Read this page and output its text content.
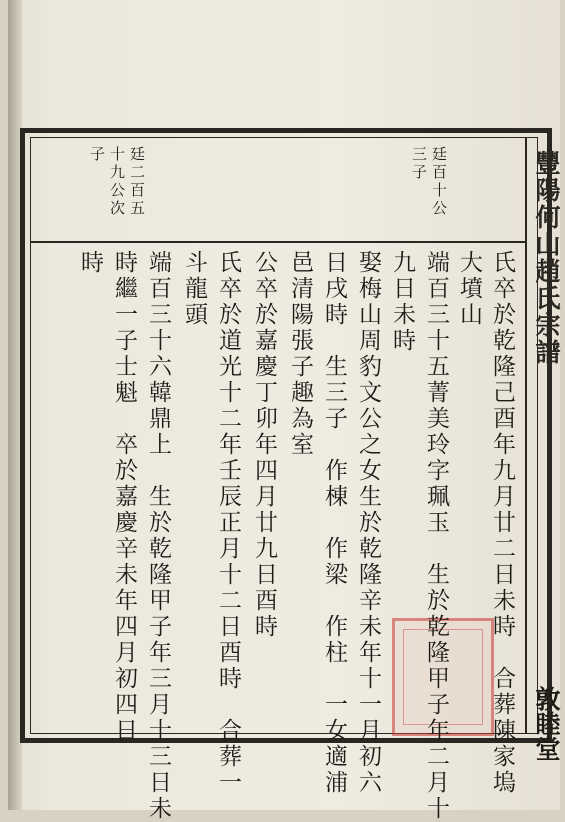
豐陽何山趙氏宗譜
敦睦堂
廷百十公
三子
廷二百五
十九公次
子
氏卒於乾隆己酉年九月廿二日未時　合葬陳家塢
大墳山
端百三十五菁美玲字珮玉　生於乾隆甲子年二月十
九日未時
娶梅山周豹文公之女生於乾隆辛未年十一月初六
日戌時　生三子　作棟　作梁　作柱　一女適浦
邑清陽張子趣為室
公卒於嘉慶丁卯年四月廿九日酉時
氏卒於道光十二年壬辰正月十二日酉時　合葬一
斗龍頭
端百三十六韓鼎上　生於乾隆甲子年三月十三日未
時繼一子士魁　卒於嘉慶辛未年四月初四日
時
